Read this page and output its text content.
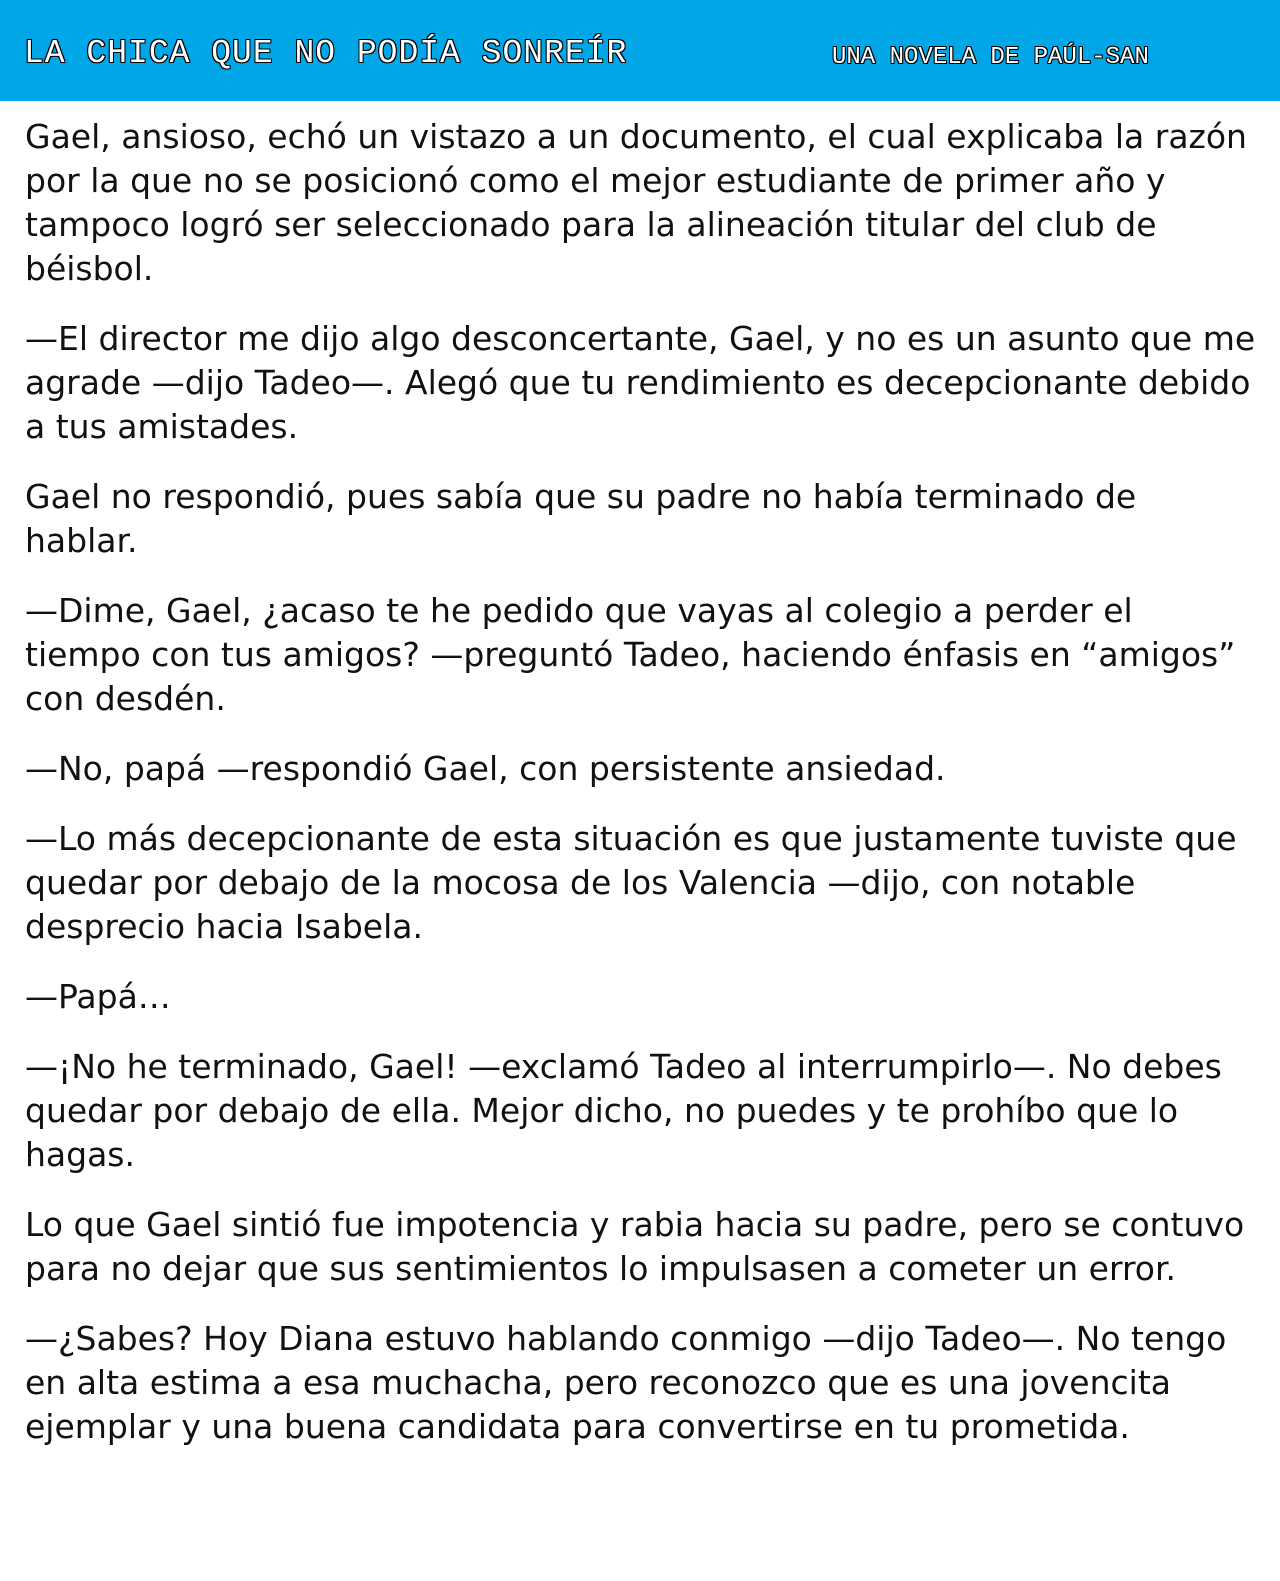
LA CHICA QUE NO PODÍA SONREÍR	UNA NOVELA DE PAÚL-SAN

Gael, ansioso, echó un vistazo a un documento, el cual explicaba la razón por la que no se posicionó como el mejor estudiante de primer año y tampoco logró ser seleccionado para la alineación titular del club de béisbol.

—El director me dijo algo desconcertante, Gael, y no es un asunto que me agrade —dijo Tadeo—. Alegó que tu rendimiento es decepcionante debido a tus amistades.

Gael no respondió, pues sabía que su padre no había terminado de hablar.

—Dime, Gael, ¿acaso te he pedido que vayas al colegio a perder el tiempo con tus amigos? —preguntó Tadeo, haciendo énfasis en “amigos” con desdén.

—No, papá —respondió Gael, con persistente ansiedad.

—Lo más decepcionante de esta situación es que justamente tuviste que quedar por debajo de la mocosa de los Valencia —dijo, con notable desprecio hacia Isabela.

—Papá…

—¡No he terminado, Gael! —exclamó Tadeo al interrumpirlo—. No debes quedar por debajo de ella. Mejor dicho, no puedes y te prohíbo que lo hagas.

Lo que Gael sintió fue impotencia y rabia hacia su padre, pero se contuvo para no dejar que sus sentimientos lo impulsasen a cometer un error.

—¿Sabes? Hoy Diana estuvo hablando conmigo —dijo Tadeo—. No tengo en alta estima a esa muchacha, pero reconozco que es una jovencita ejemplar y una buena candidata para convertirse en tu prometida.
